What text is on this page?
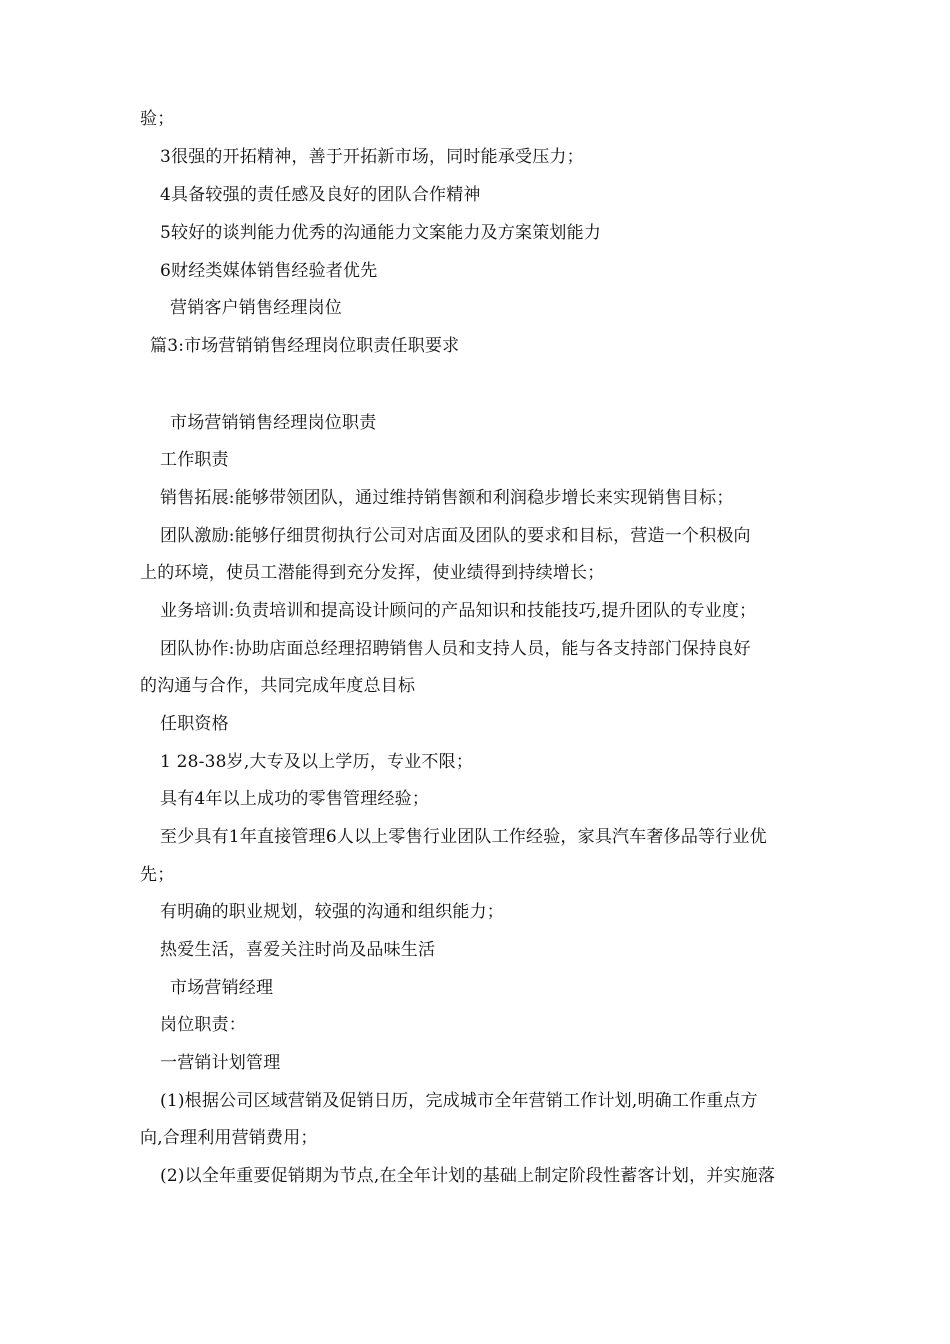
验；
3很强的开拓精神，善于开拓新市场，同时能承受压力；
4具备较强的责任感及良好的团队合作精神
5较好的谈判能力优秀的沟通能力文案能力及方案策划能力
6财经类媒体销售经验者优先
营销客户销售经理岗位
篇3:市场营销销售经理岗位职责任职要求
市场营销销售经理岗位职责
工作职责
销售拓展:能够带领团队，通过维持销售额和利润稳步增长来实现销售目标；
团队激励:能够仔细贯彻执行公司对店面及团队的要求和目标，营造一个积极向
上的环境，使员工潜能得到充分发挥，使业绩得到持续增长；
业务培训:负责培训和提高设计顾问的产品知识和技能技巧,提升团队的专业度；
团队协作:协助店面总经理招聘销售人员和支持人员，能与各支持部门保持良好
的沟通与合作，共同完成年度总目标
任职资格
1 28-38岁,大专及以上学历，专业不限；
具有4年以上成功的零售管理经验；
至少具有1年直接管理6人以上零售行业团队工作经验，家具汽车奢侈品等行业优
先；
有明确的职业规划，较强的沟通和组织能力；
热爱生活，喜爱关注时尚及品味生活
市场营销经理
岗位职责：
一营销计划管理
(1)根据公司区域营销及促销日历，完成城市全年营销工作计划,明确工作重点方
向,合理利用营销费用；
(2)以全年重要促销期为节点,在全年计划的基础上制定阶段性蓄客计划，并实施落
